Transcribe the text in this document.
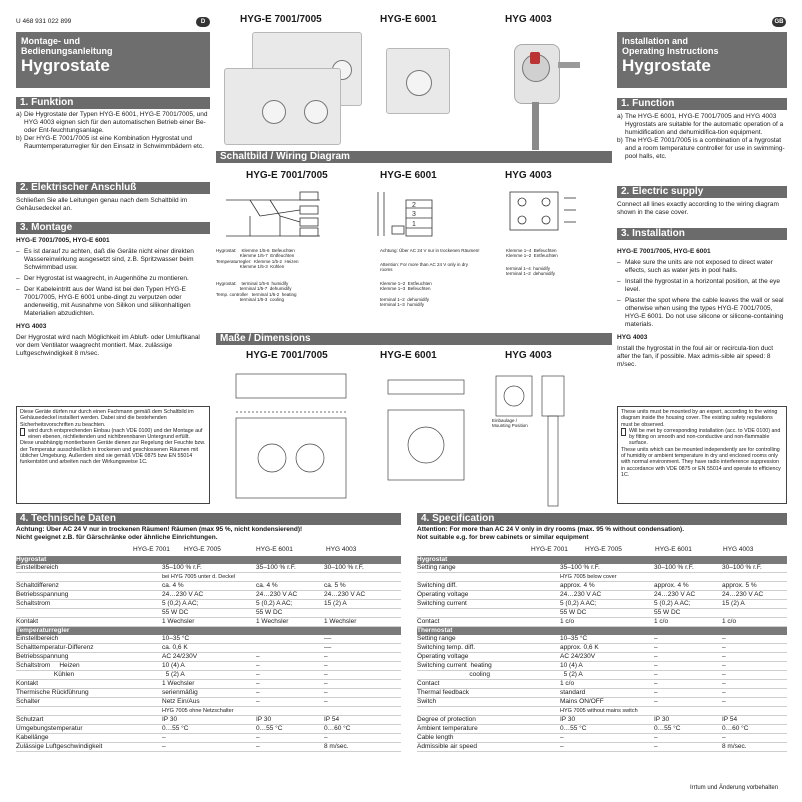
U 468 931 022 899	D	GB
HYG-E 7001/7005	HYG-E 6001	HYG 4003
Montage- und
Bedienungsanleitung
Hygrostate
Installation and
Operating Instructions
Hygrostate
1. Funktion
a) Die Hygrostate der Typen HYG-E 6001, HYG-E 7001/7005, und HYG 4003 eignen sich für den automatischen Betrieb einer Be- oder Ent-feuchtungsanlage.
b) Der HYG-E 7001/7005 ist eine Kombination Hygrostat und Raumtemperaturregler für den Einsatz in Schwimmbädern etc.
2. Elektrischer Anschluß
Schließen Sie alle Leitungen genau nach dem Schaltbild im Gehäusedeckel an.
3. Montage

HYG-E 7001/7005, HYG-E 6001

– Es ist darauf zu achten, daß die Geräte nicht einer direkten Wassereinwirkung ausgesetzt sind, z.B. Spritzwasser beim Schwimmbad usw.
– Der Hygrostat ist waagrecht, in Augenhöhe zu montieren.
– Der Kabeleintritt aus der Wand ist bei den Typen HYG-E 7001/7005, HYG-E 6001 unbe-dingt zu verputzen oder anderweitig, mit Ausnahme von Silikon und silikonhaltigen Materialien abzudichten.

HYG 4003

Der Hygrostat wird nach Möglichkeit im Abluft- oder Umluftkanal vor dem Ventilator waagrecht montiert. Max. zulässige Luftgeschwindigkeit 8 m/sec.

Diese Geräte dürfen nur durch einen Fachmann gemäß dem Schaltbild im Gehäusedeckel installiert werden. Dabei sind die bestehenden Sicherheitsvorschriften zu beachten.
wird durch entsprechenden Einbau (nach VDE 0100) und der Montage auf einen ebenen, nichtleitenden und nichtbrennbaren Untergrund erfüllt.
Diese unabhängig montierbaren Geräte dienen zur Regelung der Feuchte bzw. der Temperatur ausschließlich in trockenen und geschlossenen Räumen mit üblicher Umgebung. Außerdem sind sie gemäß VDE 0875 bzw EN 55014 funkentstört und arbeiten nach der Wirkungsweise 1C.
1. Function
a) The HYG-E 6001, HYG-E 7001/7005 and HYG 4003 Hygrostats are suitable for the automatic operation of a humidification and dehumidifica-tion equipment.
b) The HYG-E 7001/7005 is a combination of a hygrostat and a room temperature controller for use in swimming-pool halls, etc.
2. Electric supply
Connect all lines exactly according to the wiring diagram shown in the case cover.
3. Installation

HYG-E 7001/7005, HYG-E 6001

– Make sure the units are not exposed to direct water effects, such as water jets in pool halls.
– Install the hygrostat in a horizontal position, at the eye level.
– Plaster the spot where the cable leaves the wall or seal otherwise when using the types HYG-E 7001/7005, HYG-E 6001. Do not use silicone or silicone-containing materials.

HYG 4003

Install the hygrostat in the foul air or recircula-tion duct after the fan, if possible. Max admis-sible air speed: 8 m/sec.

These units must be mounted by an expert, according to the wiring diagram inside the housing cover. The existing safety regulations must be observed.
Will be met by corresponding installation (acc. to VDE 0100) and by fitting on smooth and non-conductive and non-flammable surface.
These units which can be mounted independently are for controlling of humidity or ambient temperature in dry and enclosed rooms only with normal environment. They have radio interference suppression in accordance with VDE 0875 or EN 55014 and operate to efficiency 1C.
Schaltbild / Wiring Diagram
HYG-E 7001/7005	HYG-E 6001	HYG 4003
Hygrostat:    Klemme 1/5-6  Befeuchten
Klemme 1/5-7  Entfeuchten
Temperaturregler:  Klemme 1/5-2  Heizen
Klemme 1/5-3  Kühlen
Hygrostat:    terminal 1/5-6  humidify
terminal 1/5-7  dehumidify
Temp. controller   terminal 1/5-2  heating
terminal 1/5-3  cooling
2
3
1
Achtung: Über AC 24 V nur in trockenen Räumen!
Attention: For more than AC 24 V only in dry rooms
Klemme 1–2  Entfeuchten
Klemme 1–3  Befeuchten
terminal 1–2  dehumidify
terminal 1–3  humidify
Klemme 1–4  Befeuchten
Klemme 1–2  Entfeuchten
terminal 1–4  humidify
terminal 1–2  dehumidify
Maße / Dimensions
HYG-E 7001/7005	HYG-E 6001	HYG 4003
Einbaulage / Mounting Position
4. Technische Daten
Achtung: Über AC 24 V nur in trockenen Räumen! Räumen (max 95 %, nicht kondensierend)!
Nicht geeignet z.B. für Gärschränke oder ähnliche Einrichtungen.
4. Specification
Attention: For more than AC 24 V only in dry rooms (max. 95 % without condensation).
Not suitable e.g. for brew cabinets or similar equipment
HYG-E 7001 HYG-E 7005	HYG-E 6001	HYG 4003	HYG-E 7001	HYG-E 7005	HYG-E 6001	HYG 4003
Hygrostat
Einstellbereich	35–100 % r.F.	35–100 % r.F.	30–100 % r.F.
bei HYG 7005 unter d. Deckel
Schaltdifferenz	ca. 4 %	ca. 4 %	ca. 5 %
Betriebsspannung	24…230 V AC	24…230 V AC	24…230 V AC
Schaltstrom	5 (0,2) A AC;	5 (0,2) A AC;	15 (2) A
55 W DC	55 W DC
Kontakt	1 Wechsler	1 Wechsler	1 Wechsler
Temperaturregler
Einstellbereich	10–35 °C	––
Schalttemperatur-Differenz	ca. 0,6 K	––
Betriebsspannung	AC 24/230V	–	–
Schaltstrom     Heizen	10 (4) A	–	–
Kühlen	5 (2) A	–	–
Kontakt	1 Wechsler	–	–
Thermische Rückführung	serienmäßig	–	–
Schalter	Netz Ein/Aus	–	–
HYG 7005 ohne Netzschalter
Schutzart	IP 30	IP 30	IP 54
Umgebungstemperatur	0…55 °C	0…55 °C	0…60 °C
Kabellänge	–	–	–
Zulässige Luftgeschwindigkeit	–	–	8 m/sec.
Hygrostat
Setting range	35–100 % r.F.	30–100 % r.F.	30–100 % r.F.
HYG 7005 below cover
Switching diff.	approx. 4 %	approx. 4 %	approx. 5 %
Operating voltage	24…230 V AC	24…230 V AC	24…230 V AC
Switching current	5 (0,2) A AC;	5 (0,2) A AC;	15 (2) A
55 W DC	55 W DC
Contact	1 c/o	1 c/o	1 c/o
Thermostat
Setting range	10–35 °C	–	–
Switching temp. diff.	approx. 0,6 K	–	–
Operating voltage	AC 24/230V	–	–
Switching current  heating	10 (4) A	–	–
cooling	5 (2) A	–	–
Contact	1 c/o	–	–
Thermal feedback	standard	–	–
Switch	Mains ON/OFF	–	–
HYG 7005 without mains switch
Degree of protection	IP 30	IP 30	IP 54
Ambient temperature	0…55 °C	0…55 °C	0…60 °C
Cable length	–	–	–
Admissible air speed	–	–	8 m/sec.
Irrtum und Änderung vorbehalten
